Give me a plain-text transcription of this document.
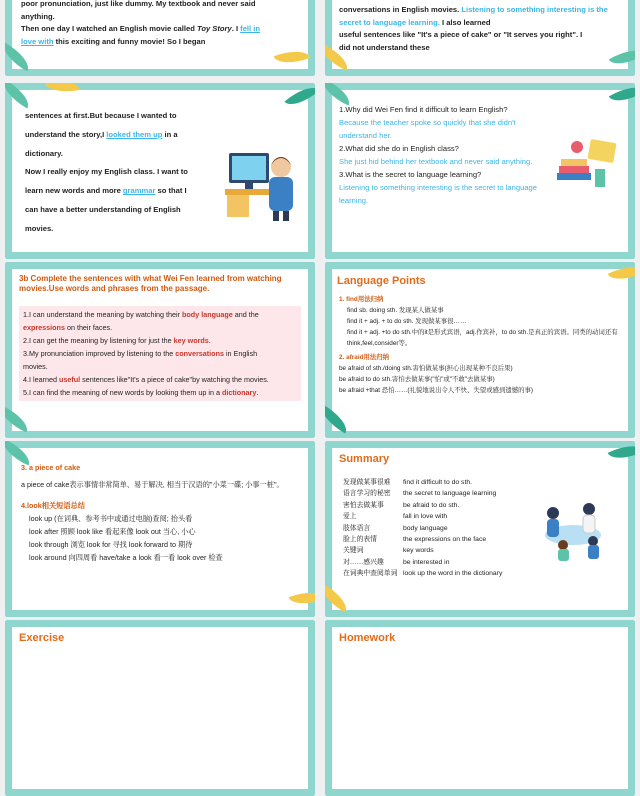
poor pronunciation, just like dummy. My textbook and never said
anything.
Then one day I watched an English movie called Toy Story. I fell in
love with this exciting and funny movie! So I began
conversations in English movies. Listening to something interesting is the secret to language learning. I also learned
useful sentences like "It's a piece of cake" or "It serves you right". I
did not understand these
sentences at first.But because I wanted to
understand the story,I looked them up in a
dictionary.
Now I really enjoy my English class. I want to
learn new words and more grammar so that I
can have a better understanding of English
movies.
1.Why did Wei Fen find it difficult to learn English?
Because the teacher spoke so quickly that she didn't understand her.
2.What did she do in English class?
She just hid behind her textbook and never said anything.
3.What is the secret to language learning?
Listening to something interesting is the secret to language learning.
3b Complete the sentences with what Wei Fen learned from watching movies.Use words and phrases from the passage.
1.I can understand the meaning by watching their body language and the
expressions on their faces.
2.I can get the meaning by listening for just the key words.
3.My pronunciation improved by listening to the conversations in English
movies.
4.I learned useful sentences like"It's a piece of cake"by watching the movies.
5.I can find the meaning of new words by looking them up in a dictionary.
Language Points
1. find用法归纳
find sb. doing sth. 发现某人做某事
find it + adj. + to do sth. 发现做某事很……
find it + adj. +to do sth.中的it是形式宾语，adj.作宾补，to do sth.是真正的宾语。同类的动词还有think,feel,consider等。
2. afraid用法归纳
be afraid of sth./doing sth.害怕做某事(担心出现某种不良后果)
be afraid to do sth.害怕去做某事("怕"或"不敢"去做某事)
be afraid +that 恐怕……(礼貌地说出令人不快、失望或感到遗憾的事)
3. a piece of cake
a piece of cake表示事情非常简单、易于解决, 相当于汉语的"小菜一碟; 小事一桩"。
4.look相关短语总结
look up (在词典、参考书中或通过电脑)查阅; 抬头看
look after 照顾 look like 看起来像 look out 当心, 小心
look through 浏览 look for 寻找 look forward to 期待
look around 向四周看 have/take a look 看一看 look over 检查
Summary
发现做某事很难	find it difficult to do sth.
语言学习的秘密	the secret to language learning
害怕去做某事	be afraid to do sth.
爱上	fall in love with
肢体语言	body language
脸上的表情	the expressions on the face
关键词	key words
对……感兴趣	be interested in
在词典中查阅单词 look up the word in the dictionary
Exercise	Homework
